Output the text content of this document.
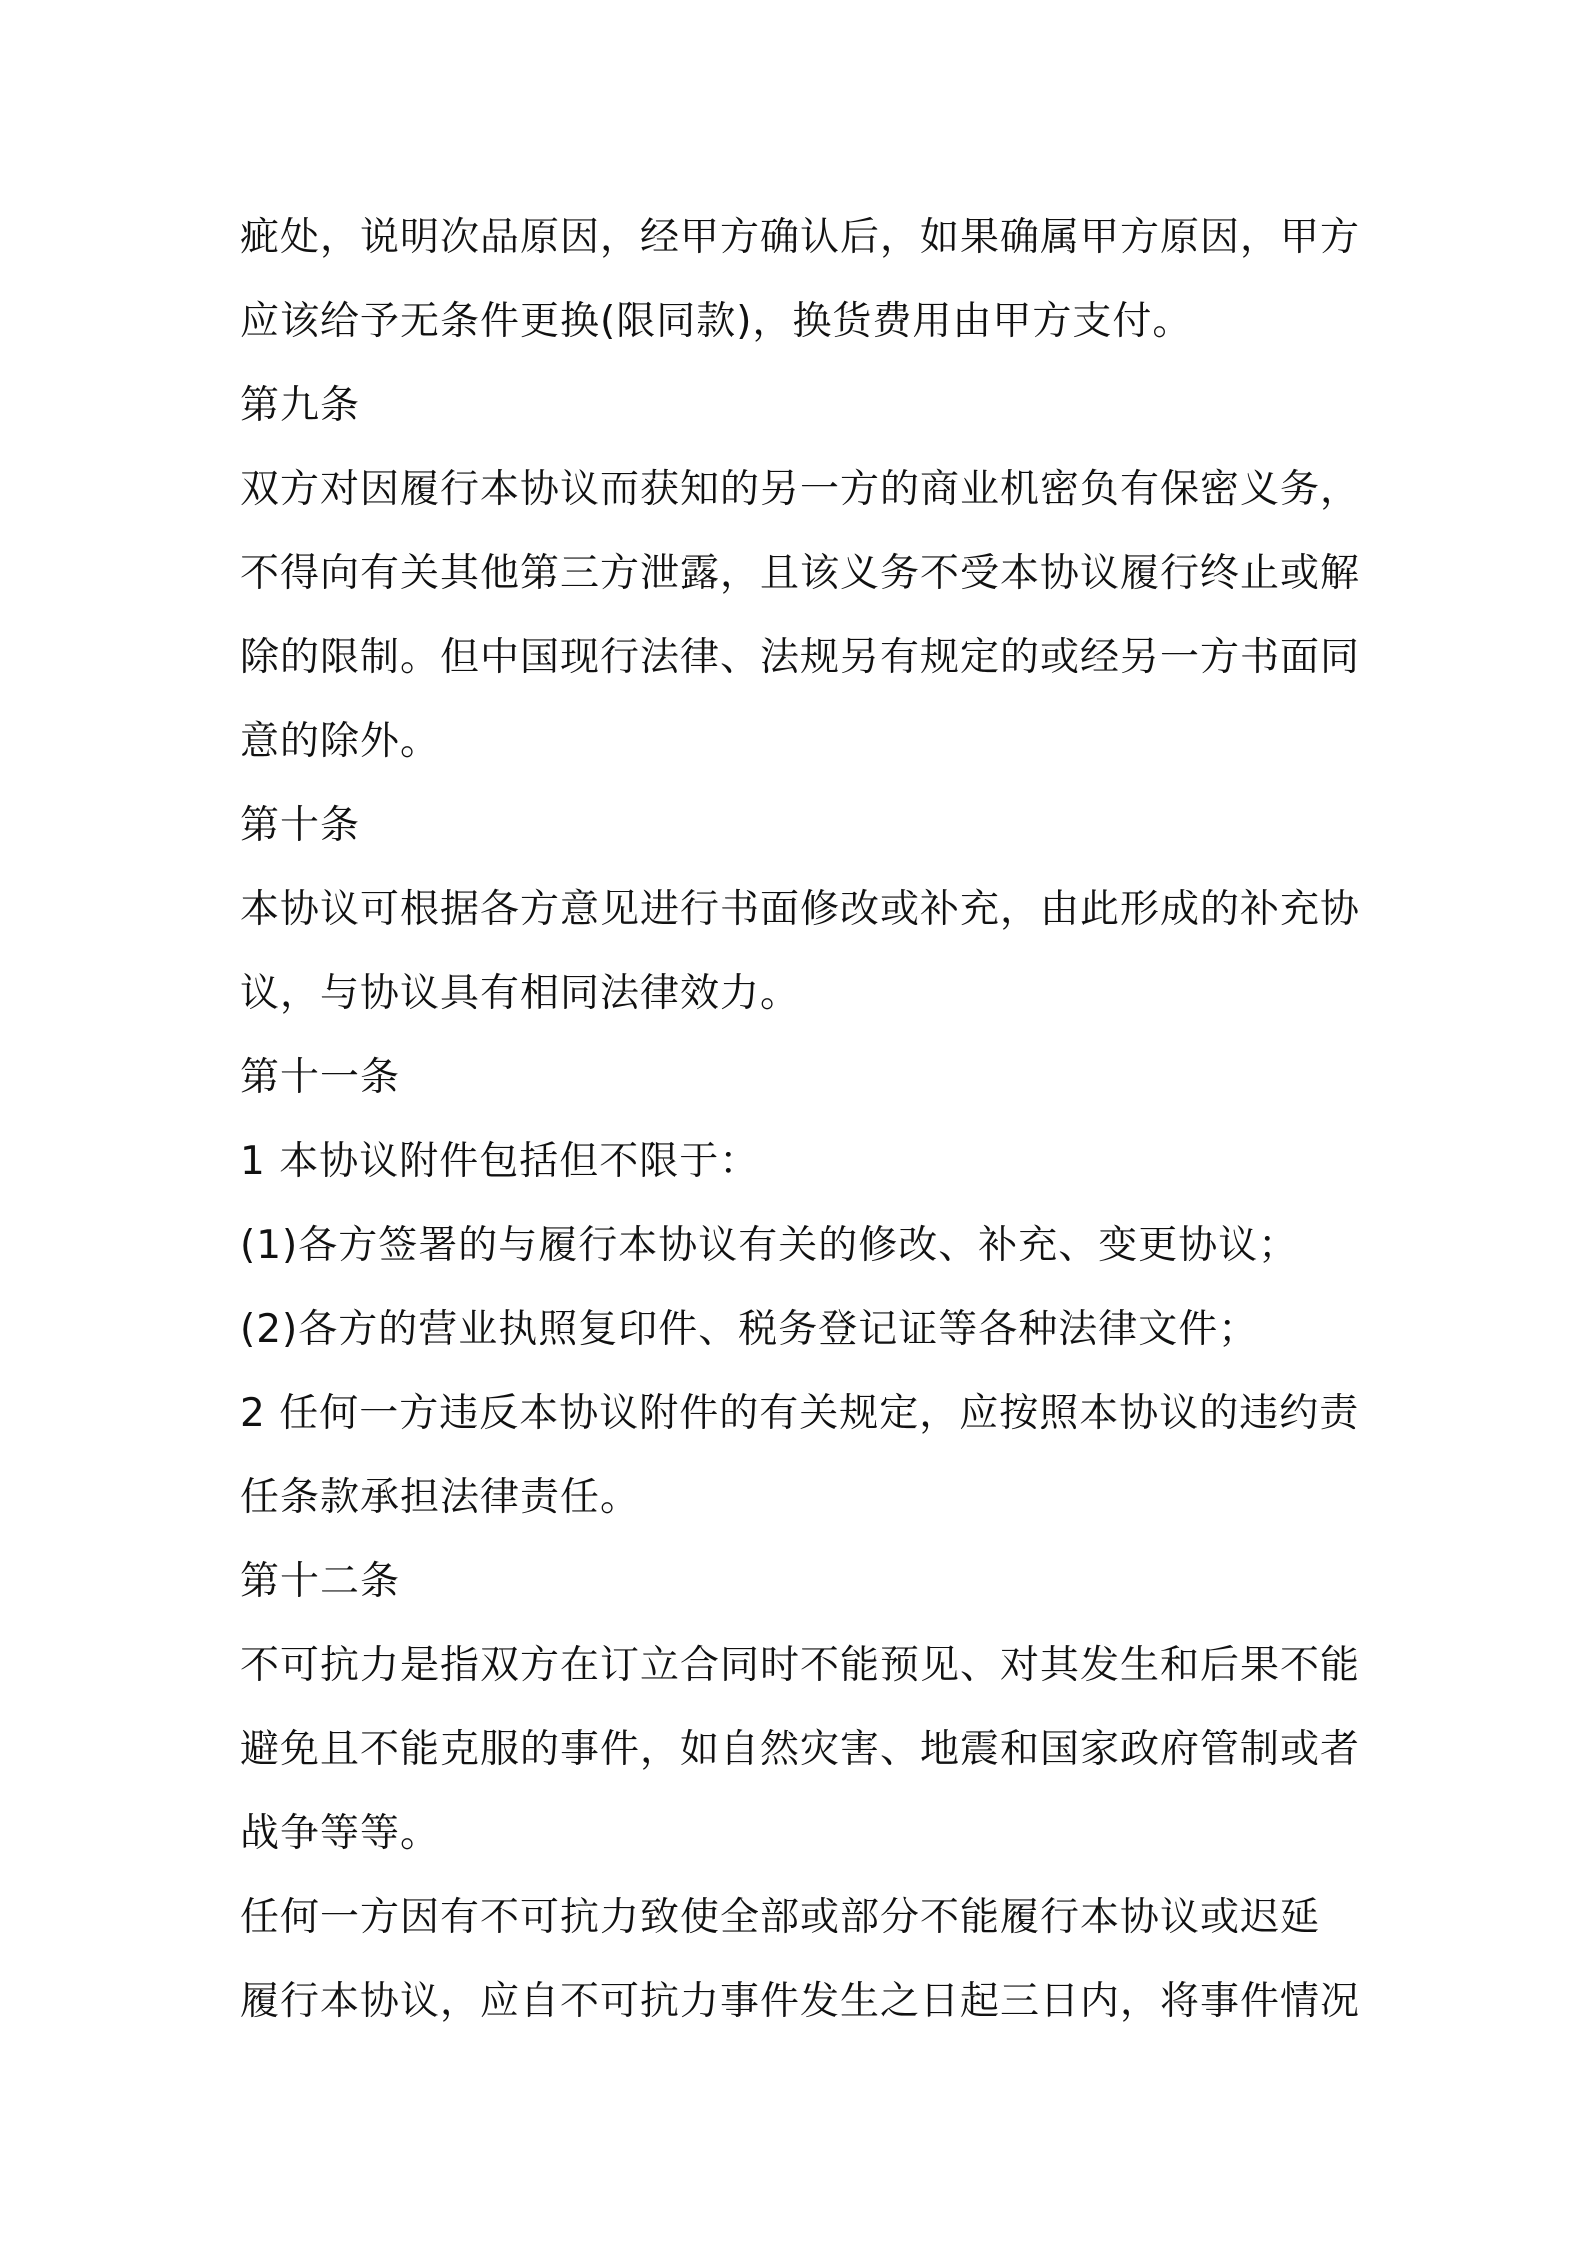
疵处，说明次品原因，经甲方确认后，如果确属甲方原因，甲方
应该给予无条件更换(限同款)，换货费用由甲方支付。
第九条
双方对因履行本协议而获知的另一方的商业机密负有保密义务，
不得向有关其他第三方泄露，且该义务不受本协议履行终止或解
除的限制。但中国现行法律、法规另有规定的或经另一方书面同
意的除外。
第十条
本协议可根据各方意见进行书面修改或补充，由此形成的补充协
议，与协议具有相同法律效力。
第十一条
1 本协议附件包括但不限于：
(1)各方签署的与履行本协议有关的修改、补充、变更协议；
(2)各方的营业执照复印件、税务登记证等各种法律文件；
2 任何一方违反本协议附件的有关规定，应按照本协议的违约责
任条款承担法律责任。
第十二条
不可抗力是指双方在订立合同时不能预见、对其发生和后果不能
避免且不能克服的事件，如自然灾害、地震和国家政府管制或者
战争等等。
任何一方因有不可抗力致使全部或部分不能履行本协议或迟延
履行本协议，应自不可抗力事件发生之日起三日内，将事件情况
